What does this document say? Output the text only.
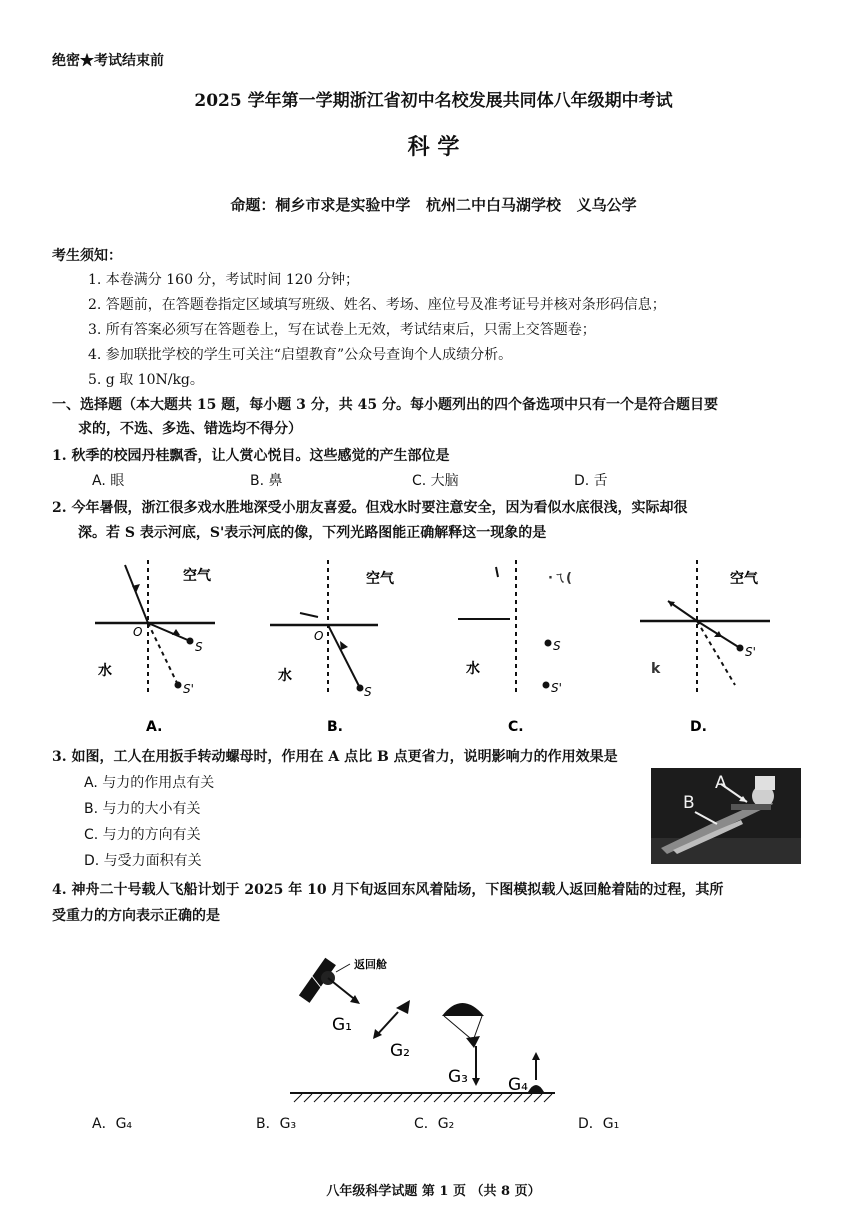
绝密★考试结束前
2025 学年第一学期浙江省初中名校发展共同体八年级期中考试
科 学
命题：桐乡市求是实验中学   杭州二中白马湖学校   义乌公学
考生须知：
1. 本卷满分 160 分，考试时间 120 分钟；
2. 答题前，在答题卷指定区域填写班级、姓名、考场、座位号及准考证号并核对条形码信息；
3. 所有答案必须写在答题卷上，写在试卷上无效，考试结束后，只需上交答题卷；
4. 参加联批学校的学生可关注“启望教育”公众号查询个人成绩分析。
5. g 取 10N/kg。
一、选择题（本大题共 15 题，每小题 3 分，共 45 分。每小题列出的四个备选项中只有一个是符合题目要
求的，不选、多选、错选均不得分）
1. 秋季的校园丹桂飘香，让人赏心悦目。这些感觉的产生部位是
A. 眼	B. 鼻	C. 大脑	D. 舌
2. 今年暑假，浙江很多戏水胜地深受小朋友喜爱。但戏水时要注意安全，因为看似水底很浅，实际却很
深。若 S 表示河底，S'表示河底的像，下列光路图能正确解释这一现象的是
空气
水
O
S
S'
A.
空气
水
O
S
B.
·ㄟ(
水
S
S'
C.
空气
k
S'
D.
3. 如图，工人在用扳手转动螺母时，作用在 A 点比 B 点更省力，说明影响力的作用效果是
A. 与力的作用点有关
B. 与力的大小有关
C. 与力的方向有关
D. 与受力面积有关
A
B
4. 神舟二十号载人飞船计划于 2025 年 10 月下旬返回东风着陆场，下图模拟载人返回舱着陆的过程，其所
受重力的方向表示正确的是
返回舱
G₁
G₂
G₃ G₄
A．G₄	B．G₃	C．G₂	D．G₁
八年级科学试题 第 1 页 （共 8 页）
